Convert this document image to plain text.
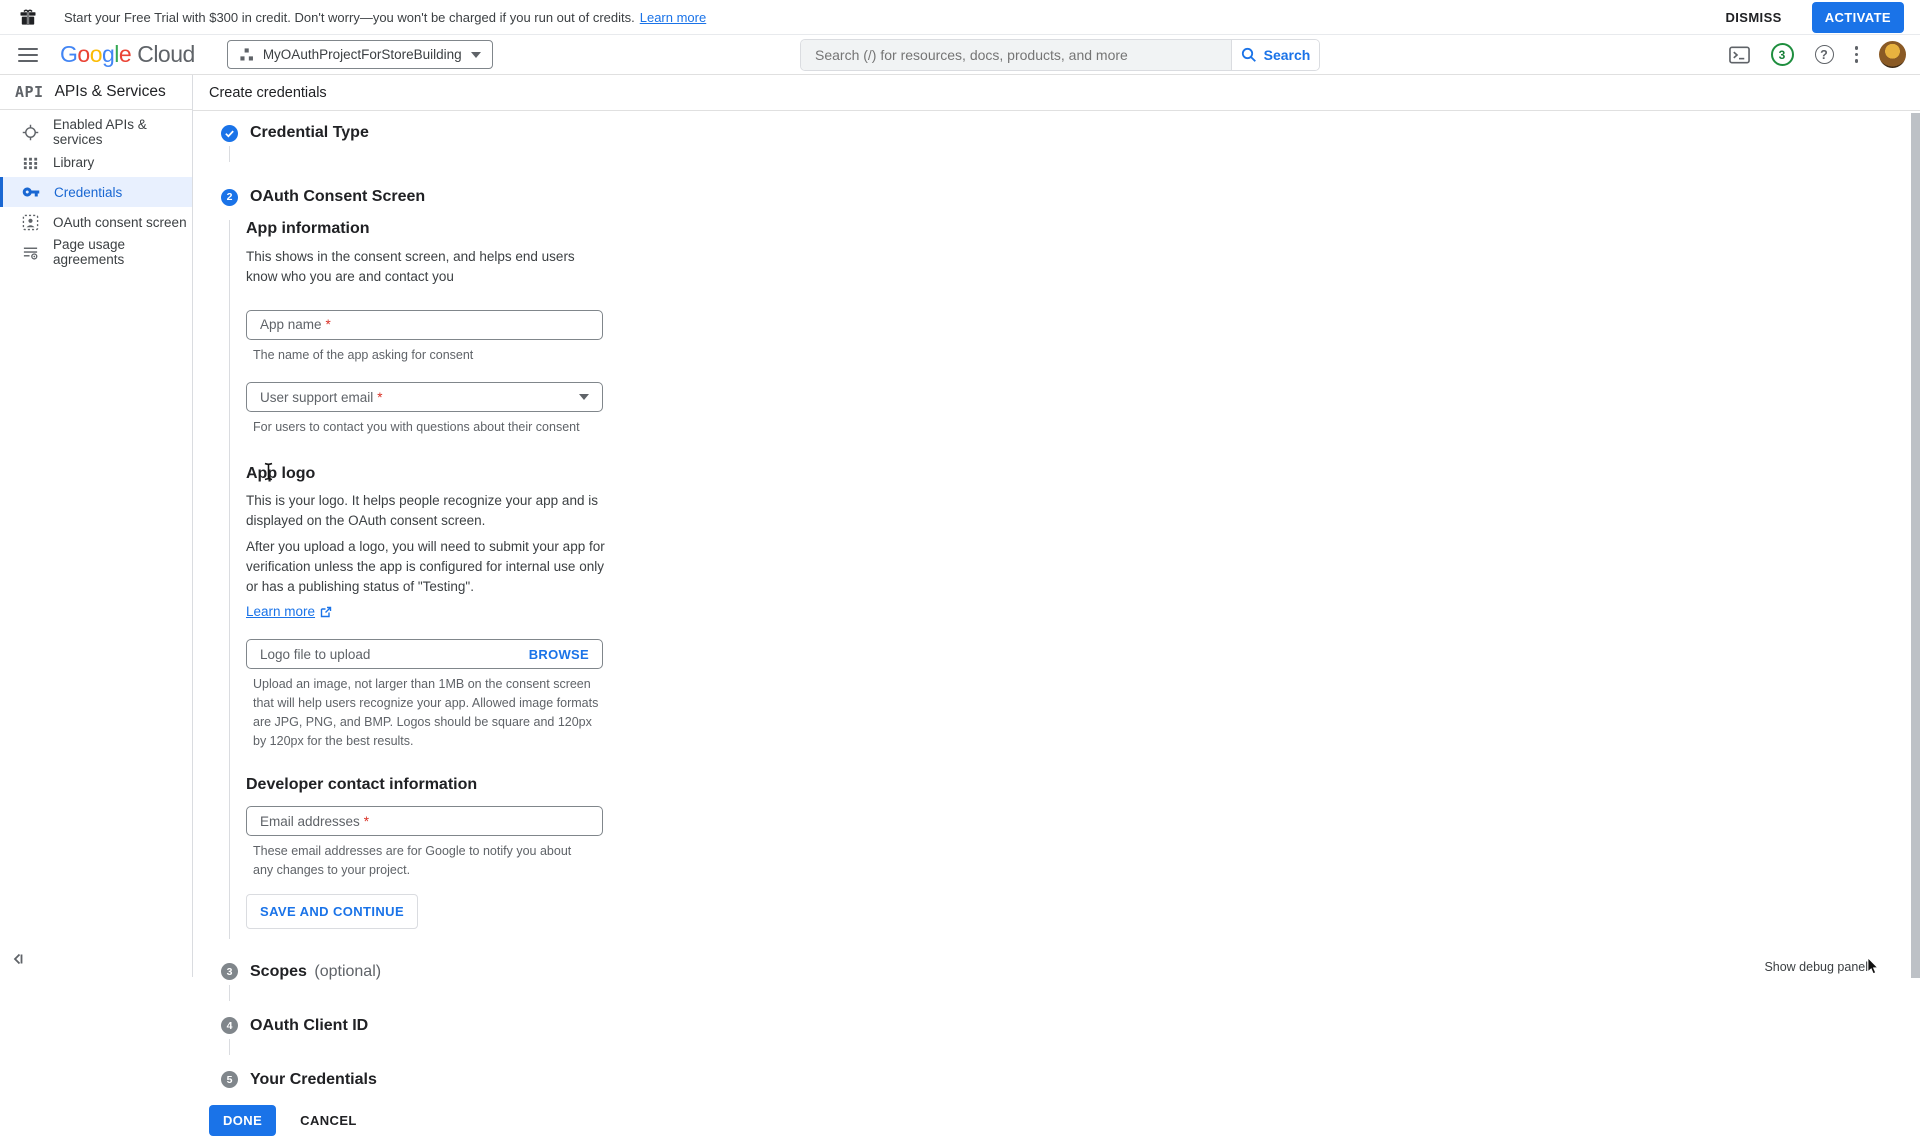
Start your Free Trial with $300 in credit. Don't worry—you won't be charged if you run out of credits. Learn more	DISMISS	ACTIVATE
G o o g l e Cloud	MyOAuthProjectForStoreBuilding
Search (/) for resources, docs, products, and more	Search	3	?
API APIs & Services
Enabled APIs & services
Library
Credentials
OAuth consent screen
Page usage agreements
Create credentials
Credential Type
2	OAuth Consent Screen
App information

This shows in the consent screen, and helps end users know who you are and contact you

App name *

The name of the app asking for consent

User support email *

For users to contact you with questions about their consent

App logo

This is your logo. It helps people recognize your app and is displayed on the OAuth consent screen.

After you upload a logo, you will need to submit your app for verification unless the app is configured for internal use only or has a publishing status of "Testing".

Learn more
Logo file to upload	BROWSE

Upload an image, not larger than 1MB on the consent screen that will help users recognize your app. Allowed image formats are JPG, PNG, and BMP. Logos should be square and 120px by 120px for the best results.

Developer contact information
Email addresses *

These email addresses are for Google to notify you about any changes to your project.

SAVE AND CONTINUE
3	Scopes (optional)
4	OAuth Client ID
5	Your Credentials
DONE	CANCEL
Show debug panel
